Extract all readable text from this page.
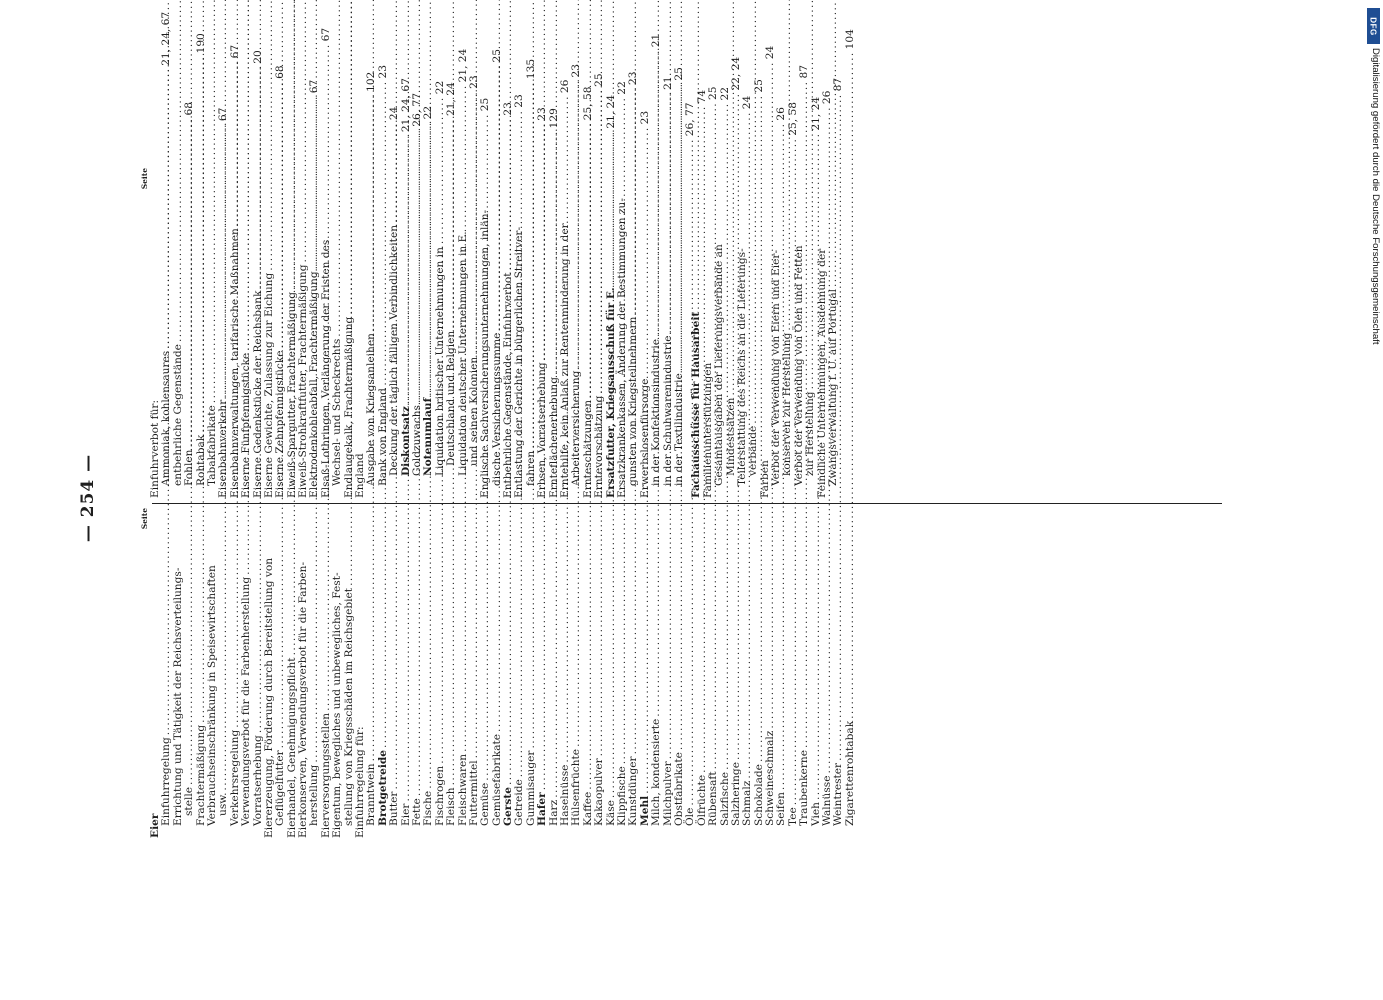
— 254 —	Seite
Eier Einfuhrregelung
.....
21, 24, 67
Errichtung und Tätigkeit der Reichsverteilungs- stelle
.....
68
Frachtermäßigung
.....
190
Verbrauchseinschränkung in Speisewirtschaften usw.
.....
67
Verkehrsregelung
.....
67
Verwendungsverbot für die Farbenherstellung
..... Vorratserhebung
.....
20
Eiererzeugung, Förderung durch Bereitstellung von Geflügelfutter
.....
68
Eierhandel, Genehmigungspflicht
..... Eierkonserven, Verwendungsverbot für die Farben- herstellung
.....
67
Eierversorgungsstellen
.....
67
Eigentum, bewegliches und unbewegliches, Fest- stellung von Kriegsschäden im Reichsgebiet
..... Einfuhrregelung für: Branntwein
.....
102
Brotgetreide
.....
23
Butter
.....
24
Eier
.....
21, 24, 67
Fette
.....
26, 77
Fische
.....
22
Fischrogen
.....
22
Fleisch
.....
21, 24
Fleischwaren
.....
21, 24
Futtermittel
.....
23
Gemüse
.....
25
Gemüsefabrikate
.....
25
Gerste
.....
23
Getreide
.....
23
Gummisauger
.....
135
Hafer
.....
23
Harz
.....
129
Haselnüsse
.....
26
Hülsenfrüchte
.....
23
Kaffee
.....
25, 58
Kakaopulver
.....
25
Käse
.....
21, 24
Klippfische
.....
22
Kunstdünger
.....
23
Mehl
.....
23
Milch, kondensierte
.....
21
Milchpulver
.....
21
Obstfabrikate
.....
25
Öle
.....
26, 77
Ölfrüchte
.....
74
Rübensaft
.....
25
Salzfische
.....
22
Salzheringe
.....
22, 24
Schmalz
.....
24
Schokolade
.....
25
Schweineschmalz
.....
24
Seifen
.....
26
Tee
.....
25, 58
Traubenkerne
.....
87
Vieh
.....
21, 24
Walnüsse
.....
26
Weintrester
.....
87
Zigarettenrohtabak
.....
104
Seite
Einfuhrverbot für: Ammoniak, kohlensaures
..... entbehrliche Gegenstände
..... Fohlen
..... Rohtabak
..... Tabakfabrikate
..... Eisenbahnverkehr ..... Eisenbahnverwaltungen, tarifarische Maßnahmen
..... Eiserne Fünfpfennigstücke
..... Eiserne Gedenkstücke der Reichsbank
..... Eiserne Gewichte, Zulassung zur Eichung
..... Eiserne Zehnpfennigstücke
..... Eiweiß-Spargutter, Frachtermäßigung
..... Eiweiß-Strohkraftfutter, Frachtermäßigung
..... Elektrodenkohleabfall, Frachtermäßigung
..... Elsaß-Lothringen, Verlängerung der Fristen des Wechsel- und Scheckrechts
..... Endlaugekalk, Frachtermäßigung
..... England Ausgabe von Kriegsanleihen
..... Bank von England Deckung der täglich fälligen Verbindlichkeiten
..... Diskontsatz
..... Goldzuwachs
..... Notenumlauf ..... Liquidation britischer Unternehmungen in Deutschland und Belgien
..... Liquidation deutscher Unternehmungen in E. und seinen Kolonien
..... Englische Sachversicherungsunternehmungen, inlän- dische Versicherungssumme
..... Entbehrliche Gegenstände, Einfuhrverbot
..... Entlastung der Gerichte in bürgerlichen Streitver- fahren ..... Erbsen, Vorratserhebung
..... Ernteflächenerhebung ..... Erntehilfe, kein Anlaß zur Rentenminderung in der Arbeiterversicherung
..... Ernteschätzungen
..... Erntevorschätzung
..... Ersatzfutter, Kriegsausschuß für E.
..... Ersatzkrankenkassen, Änderung der Bestimmungen zu- gunsten von Kriegsteilnehmern
..... Erwerbslosenfürsorge in der Konfektionsindustrie
..... in der Schuhwarenindustrie
..... in der Textilindustrie
..... Fachausschüsse für Hausarbeit
..... Familienunterstützungen Gesamtausgaben der Lieferungsverbände an Mindestsätzen ..... Teilerstattung des Reichs an die Lieferungs- verbände
.....
Farben Verbot der Verwendung von Eiern und Eier- konserven zur Herstellung
..... Verbot der Verwendung von Ölen und Fetten zur Herstellung ..... Feindliche Unternehmungen, Ausdehnung der Zwangsverwaltung f. U. auf Portugal
.....
DFG
Digitalisierung gefördert durch die Deutsche Forschungsgemeinschaft
